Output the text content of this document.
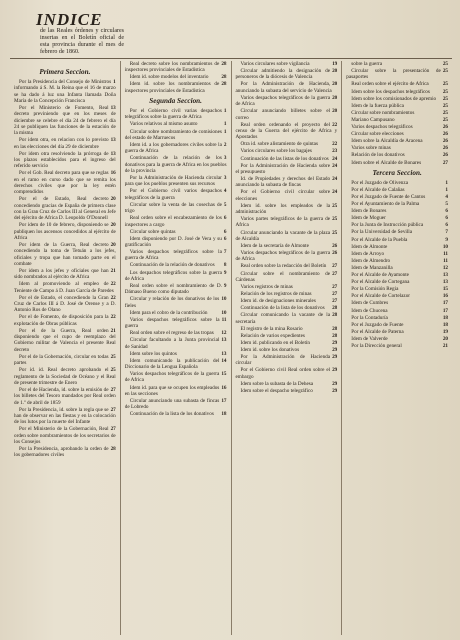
INDICE
de las Reales órdenes y circulares insertas en el Boletín oficial de esta provincia durante el mes de febrero de 1860.
Primera Seccion.
1
Por la Presidencia del Consejo de Ministros informando á S. M. la Reina que el 16 de marzo se ha dado á luz una Infanta llamada Doña María de la Concepción Francisca
13
Por el Ministerio de Fomento, Real decreto previniendo que en los meses de diciembre se celebre el día 24 de febrero el día 24 se publiquen las funciones de la estación de la misma
13
Por idem otra, en relacion con lo previsto en las elecciones del día 29 de diciembre
13
Por idem otra resolviendo la prórroga de los plazos establecidos para el ingreso del referido servicio
16
Por el Gob. Real decreto para que se reglas en el ramo en curso dado que se remita los derechos civiles que por la ley estén comprendidos
20
Por el de Estado, Real decreto concediendo gracias de España de primera clase con la Gran Cruz de Carlos III al General en Jefe del ejército de Africa D. Leopoldo O'Donnell
20
Por idem de 10 de febrero, disponiendo se publiquen los ascensos concedidos al ejército de Africa
20
Por idem de la Guerra, Real decreto concediendo la toma de Tetuán a los jefes, oficiales y tropa que han tomado parte en el combate
21
Por idem a los jefes y oficiales que han sido nombrados al ejército de Africa
22
Idem al promoviendo al empleo de Teniente de Campo á D. Juan García de Paredes
22
Por el de Estado, el concediendo la Gran Cruz de Carlos III á D. José de Orense y a D. Antonio Ros de Olano
22
Por el de Fomento, de disposición para la explotación de Obras públicas
21
Por el de la Guerra, Real orden disponiendo que el cupo de reemplazo del Gobierno militar de Valencia el presente Real decreto
25
Por el de la Gobernación, circular en todas partes
25
Por id. id. Real decreto aprobando el reglamento de la Sociedad de Océano y el Real de presente trimestre de Enero
27
Por el de Hacienda, id. sobre la emisión de los billetes del Tesoro mandados por Real orden de 1.º de abril de 1859
27
Por la Presidencia, id. sobre la regla que se han de observar en las fiestas y en la colocación de los lutos por la muerte del Infante
27
Por el Ministerio de la Gobernación, Real orden sobre nombramientos de los secretarios de los Consejos
28
Por la Presidencia, aprobando la orden de los gobernadores civiles
28
Real decreto sobre los nombramientos de inspectores provinciales de Estadística
28
Idem id. sobre modelos del inventario
28
Idem id. sobre los nombramientos de inspectores provinciales de Estadística
Segunda Seccion.
1
Por el Gobierno civil varias despachos telegráficos sobre la guerra de Africa
1
Varios relativos al mismo asunto
1
Circular sobre nombramiento de comisiones del estado de Marruecos
2
Idem id. a los gobernadores civiles sobre la guerra de Africa
3
Continuación de la relación de los donativos para la guerra de Africa en los pueblos de la provincia
3
Por la Administración de Hacienda circular para que los pueblos presenten sus recursos
4
Por el Gobierno civil varios despachos telegráficos de la guerra
5
Circular sobre la venta de las cosechas de trigo
6
Real orden sobre el encabezamiento de los inspectores a cargo
6
Circular sobre quintas
6
Idem disponiendo por D. José de Vera y su gratificación
7
Varios despachos telegráficos sobre la guerra de Africa
8
Continuación de la relación de donativos
9
Los despachos telegráficos sobre la guerra de Africa
9
Real orden sobre el nombramiento de D. Dámaso Bueno como diputado
10
Circular y relación de los donativos de los fieles
10
Idem para el cobro de la contribución
11
Varios despachos telegráficos sobre la guerra
12
Real orden sobre el regreso de las tropas
13
Circular facultando a la Junta provincial de Sanidad
13
Idem sobre los quintos
14
Idem comunicando la publicación del Diccionario de la Lengua Española
15
Varios despachos telegráficos de la guerra de Africa
16
Idem id. para que se ocupen los empleados en las secciones
17
Circular anunciando una subasta de fincas de Lobredo
18
Continuación de la lista de los donativos
19
Varios circulares sobre vigilancia
20
Circular admitiendo la designación de personeros de la diócesis de Valencia
20
Por la Administración de Hacienda, anunciando la subasta del servicio de Valencia
20
Varios despachos telegráficos de la guerra de Africa
20
Circular anunciando billetes sobre el correo
22
Real orden ordenando el proyecto del censo de la Guerra del ejército de Africa y Apostados
22
Otra id. sobre alistamiento de quintas
23
Varios circulares sobre los bagajes
24
Continuación de las listas de los donativos
24
Por la Administración de Hacienda sobre el presupuesto
24
Id. de Propiedades y derechos del Estado anunciando la subasta de fincas
24
Por el Gobierno civil circular sobre elecciones
25
Idem id. sobre los empleados de la administración
25
Varios partes telegráficos de la guerra de Africa
25
Circular anunciando la vacante de la plaza de Alcaldía
26
Idem de la secretaría de Almonte
26
Varios despachos telegráficos de la guerra de Africa
27
Real orden sobre la redacción del Boletín
27
Circular sobre el nombramiento de Cárdenas
27
Varios registros de minas
27
Relación de los registros de minas
27
Idem id. de designaciones minerales
28
Continuación de la lista de los donativos
28
Circular comunicando la vacante de la secretaría
28
El registro de la mina Rosario
28
Relación de varios expedientes
29
Idem id. publicando en el Boletín
29
Idem id. sobre los donativos
29
Por la Administración de Hacienda circular
29
Por el Gobierno civil Real orden sobre el embargo
29
Idem sobre la subasta de la Dehesa
29
Idem sobre el despacho telegráfico
25
sobre la guerra
25
Circular sobre la presentación de pasaportes
25
Real orden sobre el ejército de Africa
25
Idem sobre los despachos telegráficos
25
Idem sobre los comisionados de apremio
25
Idem de la fuerza pública
25
Circular sobre nombramientos
25
Mariano Campusano
26
Varios despachos telegráficos
26
Circular sobre elecciones
26
Idem sobre la Alcaldía de Aracena
26
Varios sobre minas
26
Relación de los donativos
27
Idem sobre el Alcalde de Bonares
Tercera Seccion.
1
Por el Juzgado de Olivenza
1
Por el Alcalde de Calañas
4
Por el Juzgado de Fuente de Cantos
5
Por el Ayuntamiento de la Palma
6
Idem de Bonares
6
Idem de Moguer
6
Por la Junta de Instrucción pública
7
Por la Universidad de Sevilla
9
Por el Alcalde de la Puebla
10
Idem de Almonte
11
Idem de Arroyo
11
Idem de Almendro
12
Idem de Manzanilla
13
Por el Alcalde de Ayamonte
13
Por el Alcalde de Cortegana
15
Por la Comisión Regia
16
Por el Alcalde de Cortelazor
17
Idem de Cumbres
17
Idem de Chucena
18
Por la Contaduría
18
Por el Juzgado de Fuente
19
Por el Alcalde de Paterna
20
Idem de Valverde
21
Por la Dirección general
